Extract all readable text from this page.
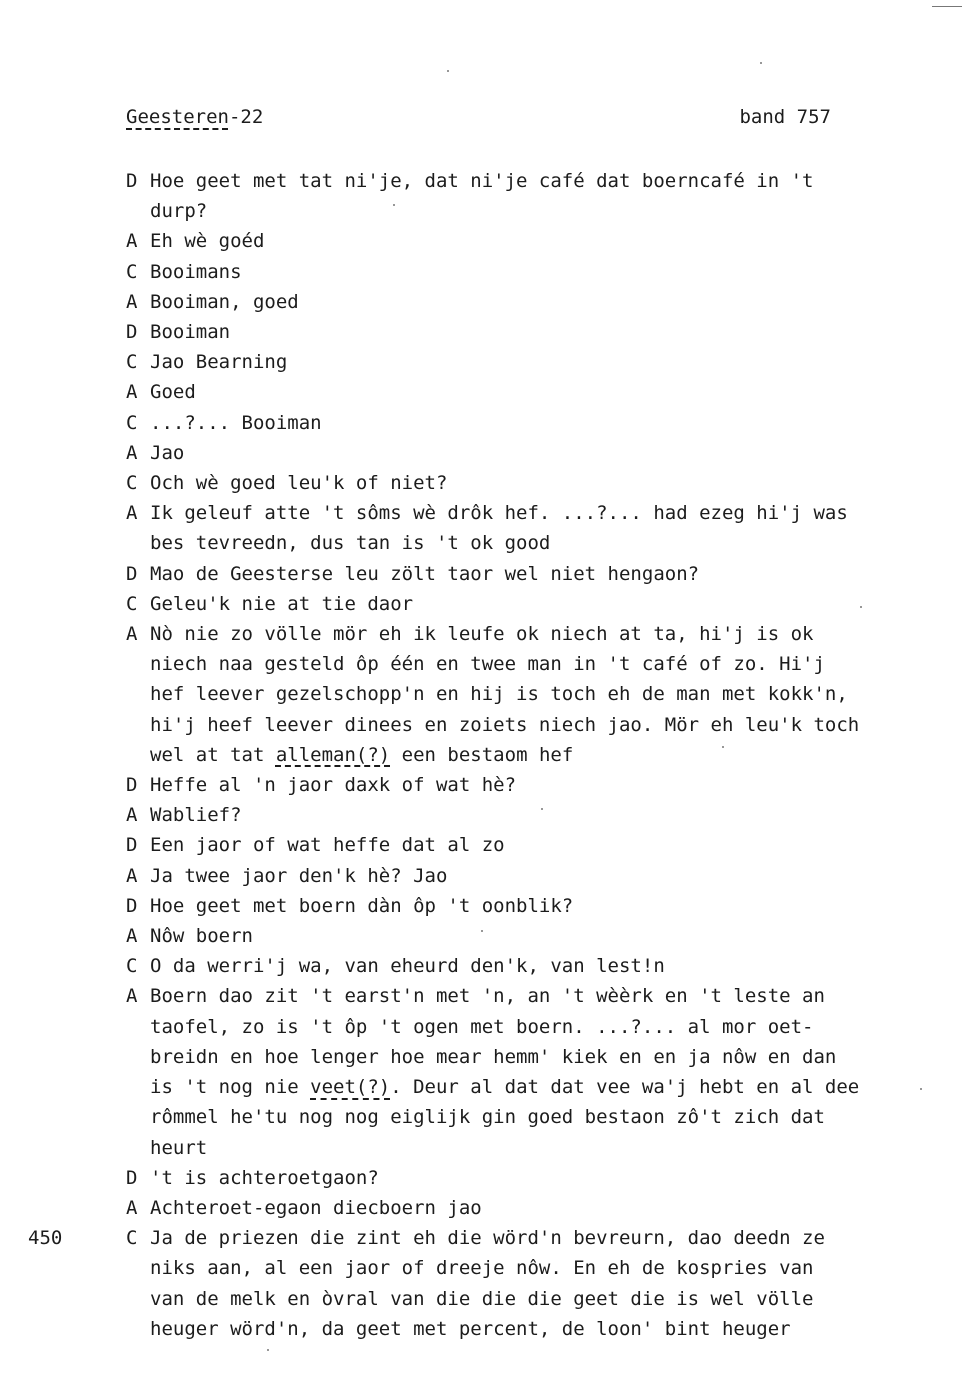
Geesteren-22	band 757
D Hoe geet met tat ni'je, dat ni'je café dat boerncafé in 't
durp?
A Eh wè goéd
C Booimans
A Booiman, goed
D Booiman
C Jao Bearning
A Goed
C ...?... Booiman
A Jao
C Och wè goed leu'k of niet?
A Ik geleuf atte 't sôms wè drôk hef. ...?... had ezeg hi'j was
bes tevreedn, dus tan is 't ok good
D Mao de Geesterse leu zölt taor wel niet hengaon?
C Geleu'k nie at tie daor
A Nò nie zo völle mör eh ik leufe ok niech at ta, hi'j is ok
niech naa gesteld ôp één en twee man in 't café of zo. Hi'j
hef leever gezelschopp'n en hij is toch eh de man met kokk'n,
hi'j heef leever dinees en zoiets niech jao. Mör eh leu'k toch
wel at tat alleman(?) een bestaom hef
D Heffe al 'n jaor daxk of wat hè?
A Wablief?
D Een jaor of wat heffe dat al zo
A Ja twee jaor den'k hè? Jao
D Hoe geet met boern dàn ôp 't oonblik?
A Nôw boern
C O da werri'j wa, van eheurd den'k, van lest!n
A Boern dao zit 't earst'n met 'n, an 't wèèrk en 't leste an
taofel, zo is 't ôp 't ogen met boern. ...?... al mor oet-
breidn en hoe lenger hoe mear hemm' kiek en en ja nôw en dan
is 't nog nie veet(?). Deur al dat dat vee wa'j hebt en al dee
rômmel he'tu nog nog eiglijk gin goed bestaon zô't zich dat
heurt
D 't is achteroetgaon?
A Achteroet-egaon diecboern jao
450	C Ja de priezen die zint eh die wörd'n bevreurn, dao deedn ze
niks aan, al een jaor of dreeje nôw. En eh de kospries van
van de melk en òvral van die die die geet die is wel völle
heuger wörd'n, da geet met percent, de loon' bint heuger
